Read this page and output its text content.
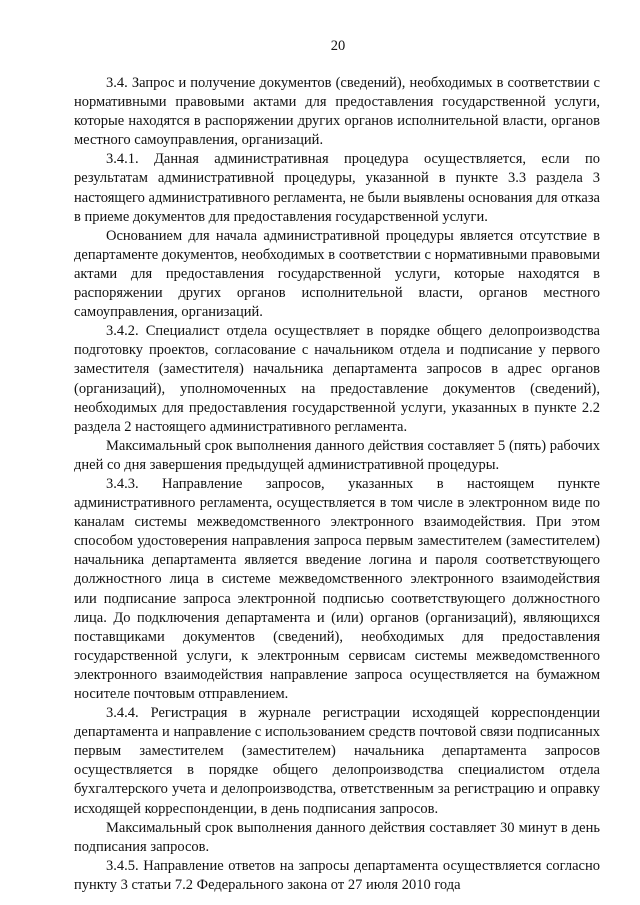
20

3.4. Запрос и получение документов (сведений), необходимых в соответствии с нормативными правовыми актами для предоставления государственной услуги, которые находятся в распоряжении других органов исполнительной власти, органов местного самоуправления, организаций.

3.4.1. Данная административная процедура осуществляется, если по результатам административной процедуры, указанной в пункте 3.3 раздела 3 настоящего административного регламента, не были выявлены основания для отказа в приеме документов для предоставления государственной услуги.

Основанием для начала административной процедуры является отсутствие в департаменте документов, необходимых в соответствии с нормативными правовыми актами для предоставления государственной услуги, которые находятся в распоряжении других органов исполнительной власти, органов местного самоуправления, организаций.

3.4.2. Специалист отдела осуществляет в порядке общего делопроизводства подготовку проектов, согласование с начальником отдела и подписание у первого заместителя (заместителя) начальника департамента запросов в адрес органов (организаций), уполномоченных на предоставление документов (сведений), необходимых для предоставления государственной услуги, указанных в пункте 2.2 раздела 2 настоящего административного регламента.

Максимальный срок выполнения данного действия составляет 5 (пять) рабочих дней со дня завершения предыдущей административной процедуры.

3.4.3. Направление запросов, указанных в настоящем пункте административного регламента, осуществляется в том числе в электронном виде по каналам системы межведомственного электронного взаимодействия. При этом способом удостоверения направления запроса первым заместителем (заместителем) начальника департамента является введение логина и пароля соответствующего должностного лица в системе межведомственного электронного взаимодействия или подписание запроса электронной подписью соответствующего должностного лица. До подключения департамента и (или) органов (организаций), являющихся поставщиками документов (сведений), необходимых для предоставления государственной услуги, к электронным сервисам системы межведомственного электронного взаимодействия направление запроса осуществляется на бумажном носителе почтовым отправлением.

3.4.4. Регистрация в журнале регистрации исходящей корреспонденции департамента и направление с использованием средств почтовой связи подписанных первым заместителем (заместителем) начальника департамента запросов осуществляется в порядке общего делопроизводства специалистом отдела бухгалтерского учета и делопроизводства, ответственным за регистрацию и оправку исходящей корреспонденции, в день подписания запросов.

Максимальный срок выполнения данного действия составляет 30 минут в день подписания запросов.

3.4.5. Направление ответов на запросы департамента осуществляется согласно пункту 3 статьи 7.2 Федерального закона от 27 июля 2010 года
